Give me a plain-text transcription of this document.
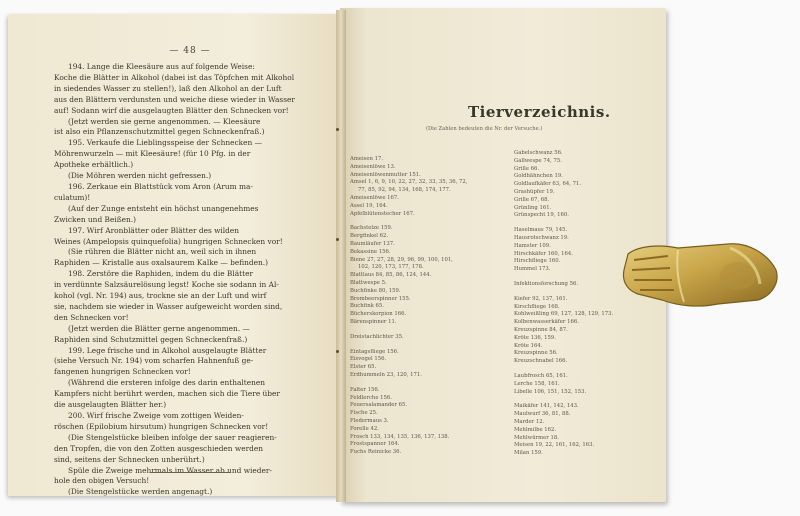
— 48 —
194. Lange die Kleesäure aus auf folgende Weise:
Koche die Blätter in Alkohol (dabei ist das Töpfchen mit Alkohol
in siedendes Wasser zu stellen!), laß den Alkohol an der Luft
aus den Blättern verdunsten und weiche diese wieder in Wasser
auf! Sodann wirf die ausgelaugten Blätter den Schnecken vor!
(Jetzt werden sie gerne angenommen. — Kleesäure
ist also ein Pflanzenschutzmittel gegen Schneckenfraß.)
195. Verkaufe die Lieblingsspeise der Schnecken —
Möhrenwurzeln — mit Kleesäure! (für 10 Pfg. in der
Apotheke erhältlich.)
(Die Möhren werden nicht gefressen.)
196. Zerkaue ein Blattstück vom Aron (Arum ma-
culatum)!
(Auf der Zunge entsteht ein höchst unangenehmes
Zwicken und Beißen.)
197. Wirf Aronblätter oder Blätter des wilden
Weines (Ampelopsis quinquefolia) hungrigen Schnecken vor!
(Sie rühren die Blätter nicht an, weil sich in ihnen
Raphiden — Kristalle aus oxalsaurem Kalke — befinden.)
198. Zerstöre die Raphiden, indem du die Blätter
in verdünnte Salzsäurelösung legst! Koche sie sodann in Al-
kohol (vgl. Nr. 194) aus, trockne sie an der Luft und wirf
sie, nachdem sie wieder in Wasser aufgeweicht worden sind,
den Schnecken vor!
(Jetzt werden die Blätter gerne angenommen. —
Raphiden sind Schutzmittel gegen Schneckenfraß.)
199. Lege frische und in Alkohol ausgelaugte Blätter
(siehe Versuch Nr. 194) vom scharfen Hahnenfuß ge-
fangenen hungrigen Schnecken vor!
(Während die ersteren infolge des darin enthaltenen
Kampfers nicht berührt werden, machen sich die Tiere über
die ausgelaugten Blätter her.)
200. Wirf frische Zweige vom zottigen Weiden-
röschen (Epilobium hirsutum) hungrigen Schnecken vor!
(Die Stengelstücke bleiben infolge der sauer reagieren-
den Tropfen, die von den Zotten ausgeschieden werden
sind, seitens der Schnecken unberührt.)
Spüle die Zweige mehrmals im Wasser ab und wieder-
hole den obigen Versuch!
(Die Stengelstücke werden angenagt.)
Tierverzeichnis.
(Die Zahlen bedeuten die Nr. der Versuche.)
Ameisen 17.
Ameisenlöwe 13.
Ameisenlöwenmutter 151.
Amsel 1, 6, 9, 10, 22, 27, 32, 33, 35, 36, 72,
77, 85, 92, 94, 134, 168, 174, 177.
Ameisenlöwe 167.
Assel 19, 164.
Apfelblütenstecher 167.
Bachstelze 159.
Bergfinkel 62.
Baumläufer 137.
Bekassine 156.
Biene 27, 27, 28, 29, 96, 99, 100, 101,
102, 120, 173, 177, 178.
Blattlaus 84, 85, 86, 124, 144.
Blattwespe 5.
Buchfinke 80, 159.
Brombeerspinner 155.
Buchfink 65.
Bücherskorpion 166.
Bärenspinner 11.
Dreistachlichter 35.
Eintagsfliege 156.
Eisvogel 156.
Elster 65.
Erdhummeln 23, 120, 171.
Falter 156.
Feldlerche 156.
Feuersalamander 65.
Fische 25.
Fledermaus 3.
Forelle 42.
Frosch 133, 134, 135, 136, 137, 138.
Frostspanner 164.
Fuchs Reinicke 36.
Gabelschwanz 56.
Gallwespe 74, 75.
Grille 66.
Goldhähnchen 19.
Goldlaufkäfer 63, 64, 71.
Grashüpfer 19.
Grille 67, 68.
Grünling 161.
Grünspecht 19, 160.
Haselmaus 79, 145.
Hausrotschwanz 19.
Hamster 109.
Hirschkäfer 160, 164.
Hirschfliege 160.
Hummel 173.
Infektionsforschung 56.
Kiefer 92, 137, 161.
Kirschfliege 168.
Kohlweißling 69, 127, 128, 129, 173.
Kolbenwasserkäfer 166.
Kreuzspinne 84, 87.
Kröte 136, 159.
Kröte 164.
Kreuzspinne 56.
Kreuzschnabel 166.
Laubfrosch 65, 161.
Lerche 158, 161.
Libelle 106, 151, 152, 153.
Maikäfer 141, 142, 143.
Maulwurf 36, 81, 88.
Marder 12.
Mehlmilbe 162.
Mehlwürmer 18.
Meisen 19, 22, 161, 162, 163.
Milan 159.
